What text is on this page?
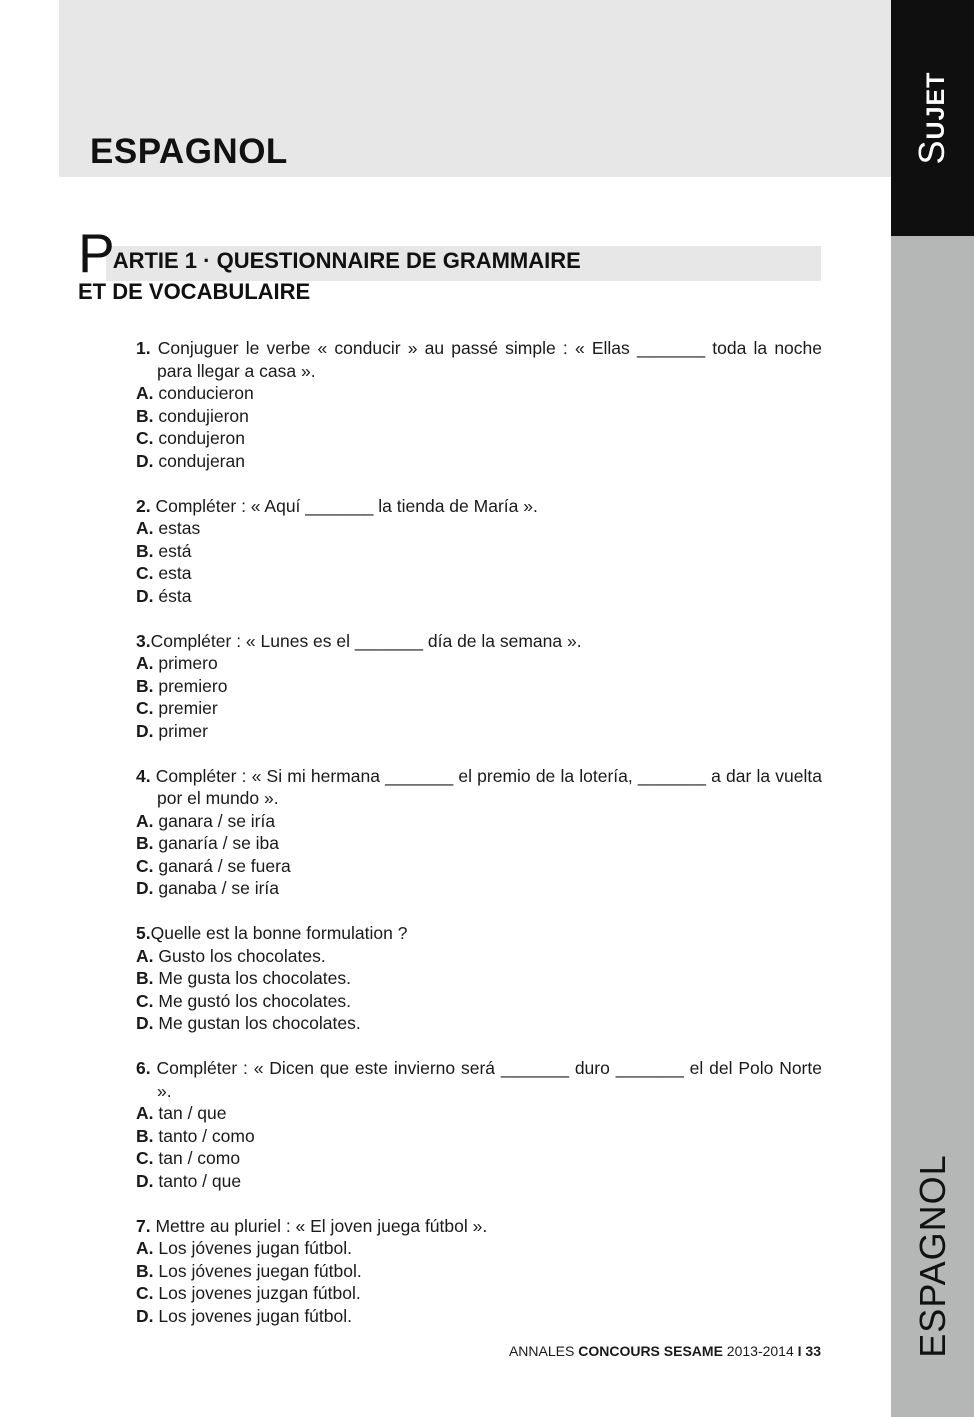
ESPAGNOL	SUJET
ESPAGNOL
PARTIE 1 · QUESTIONNAIRE DE GRAMMAIRE
ET DE VOCABULAIRE
1. Conjuguer le verbe « conducir » au passé simple : « Ellas _______ toda la noche para llegar a casa ».
A. conducieron
B. condujieron
C. condujeron
D. condujeran
2. Compléter : « Aquí _______ la tienda de María ».
A. estas
B. está
C. esta
D. ésta
3.Compléter : « Lunes es el _______ día de la semana ».
A. primero
B. premiero
C. premier
D. primer
4. Compléter : « Si mi hermana _______ el premio de la lotería, _______ a dar la vuelta por el mundo ».
A. ganara / se iría
B. ganaría / se iba
C. ganará / se fuera
D. ganaba / se iría
5.Quelle est la bonne formulation ?
A. Gusto los chocolates.
B. Me gusta los chocolates.
C. Me gustó los chocolates.
D. Me gustan los chocolates.
6. Compléter : « Dicen que este invierno será _______ duro _______ el del Polo Norte ».
A. tan / que
B. tanto / como
C. tan / como
D. tanto / que
7. Mettre au pluriel : « El joven juega fútbol ».
A. Los jóvenes jugan fútbol.
B. Los jóvenes juegan fútbol.
C. Los jovenes juzgan fútbol.
D. Los jovenes jugan fútbol.
ANNALES CONCOURS SESAME 2013-2014 I 33
